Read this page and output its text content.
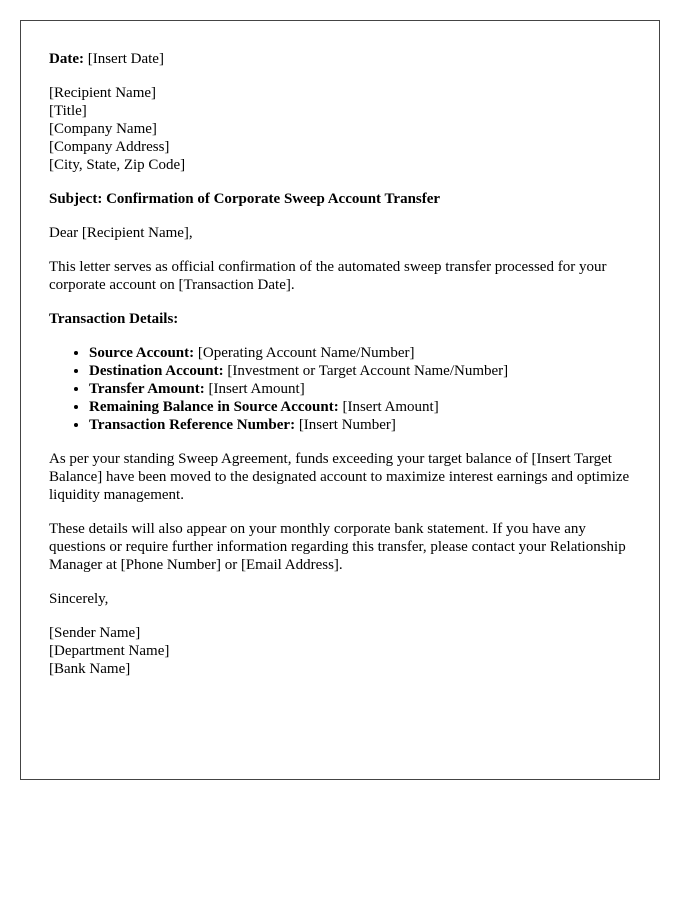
Date: [Insert Date]
[Recipient Name]
[Title]
[Company Name]
[Company Address]
[City, State, Zip Code]
Subject: Confirmation of Corporate Sweep Account Transfer
Dear [Recipient Name],
This letter serves as official confirmation of the automated sweep transfer processed for your corporate account on [Transaction Date].
Transaction Details:
• Source Account: [Operating Account Name/Number]
• Destination Account: [Investment or Target Account Name/Number]
• Transfer Amount: [Insert Amount]
• Remaining Balance in Source Account: [Insert Amount]
• Transaction Reference Number: [Insert Number]
As per your standing Sweep Agreement, funds exceeding your target balance of [Insert Target Balance] have been moved to the designated account to maximize interest earnings and optimize liquidity management.
These details will also appear on your monthly corporate bank statement. If you have any questions or require further information regarding this transfer, please contact your Relationship Manager at [Phone Number] or [Email Address].
Sincerely,
[Sender Name]
[Department Name]
[Bank Name]
